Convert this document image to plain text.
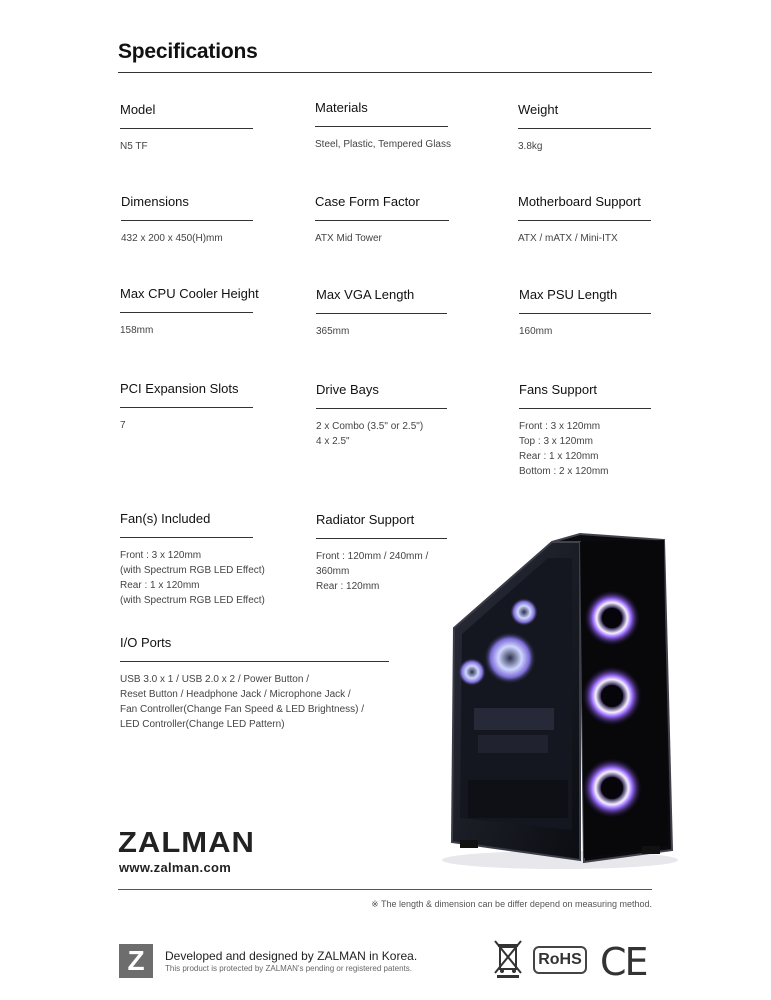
Specifications
Model
N5 TF
Materials
Steel, Plastic, Tempered Glass
Weight
3.8kg
Dimensions
432 x 200 x 450(H)mm
Case Form Factor
ATX Mid Tower
Motherboard Support
ATX / mATX / Mini-ITX
Max CPU Cooler Height
158mm
Max VGA Length
365mm
Max PSU Length
160mm
PCI Expansion Slots
7
Drive Bays
2 x Combo (3.5" or 2.5")
4 x 2.5"
Fans Support
Front : 3 x 120mm
Top : 3 x 120mm
Rear : 1 x 120mm
Bottom : 2 x 120mm
Fan(s) Included
Front : 3 x 120mm
(with Spectrum RGB LED Effect)
Rear : 1 x 120mm
(with Spectrum RGB LED Effect)
Radiator Support
Front : 120mm / 240mm /
360mm
Rear : 120mm
I/O Ports
USB 3.0 x 1 / USB 2.0 x 2 / Power Button /
Reset Button / Headphone Jack / Microphone Jack /
Fan Controller(Change Fan Speed & LED Brightness) /
LED Controller(Change LED Pattern)
ZALMAN
www.zalman.com
※ The length & dimension can be differ depend on measuring method.
Z	Developed and designed by ZALMAN in Korea.
This product is protected by ZALMAN's pending or registered patents.
RoHS CE
